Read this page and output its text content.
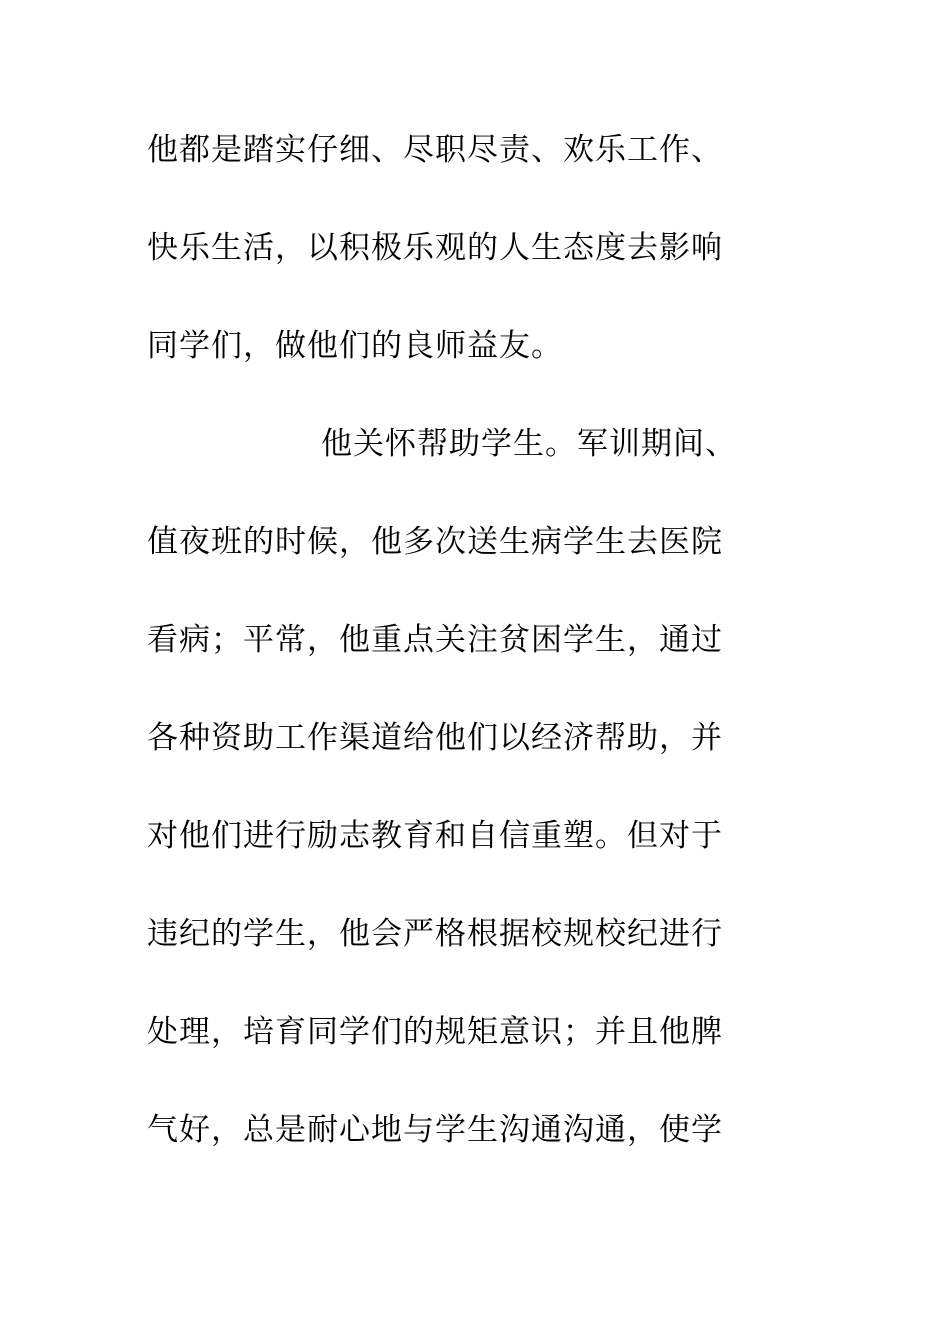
他都是踏实仔细、尽职尽责、欢乐工作、
快乐生活，以积极乐观的人生态度去影响
同学们，做他们的良师益友。
他关怀帮助学生。军训期间、
值夜班的时候，他多次送生病学生去医院
看病；平常，他重点关注贫困学生，通过
各种资助工作渠道给他们以经济帮助，并
对他们进行励志教育和自信重塑。但对于
违纪的学生，他会严格根据校规校纪进行
处理，培育同学们的规矩意识；并且他脾
气好，总是耐心地与学生沟通沟通，使学
